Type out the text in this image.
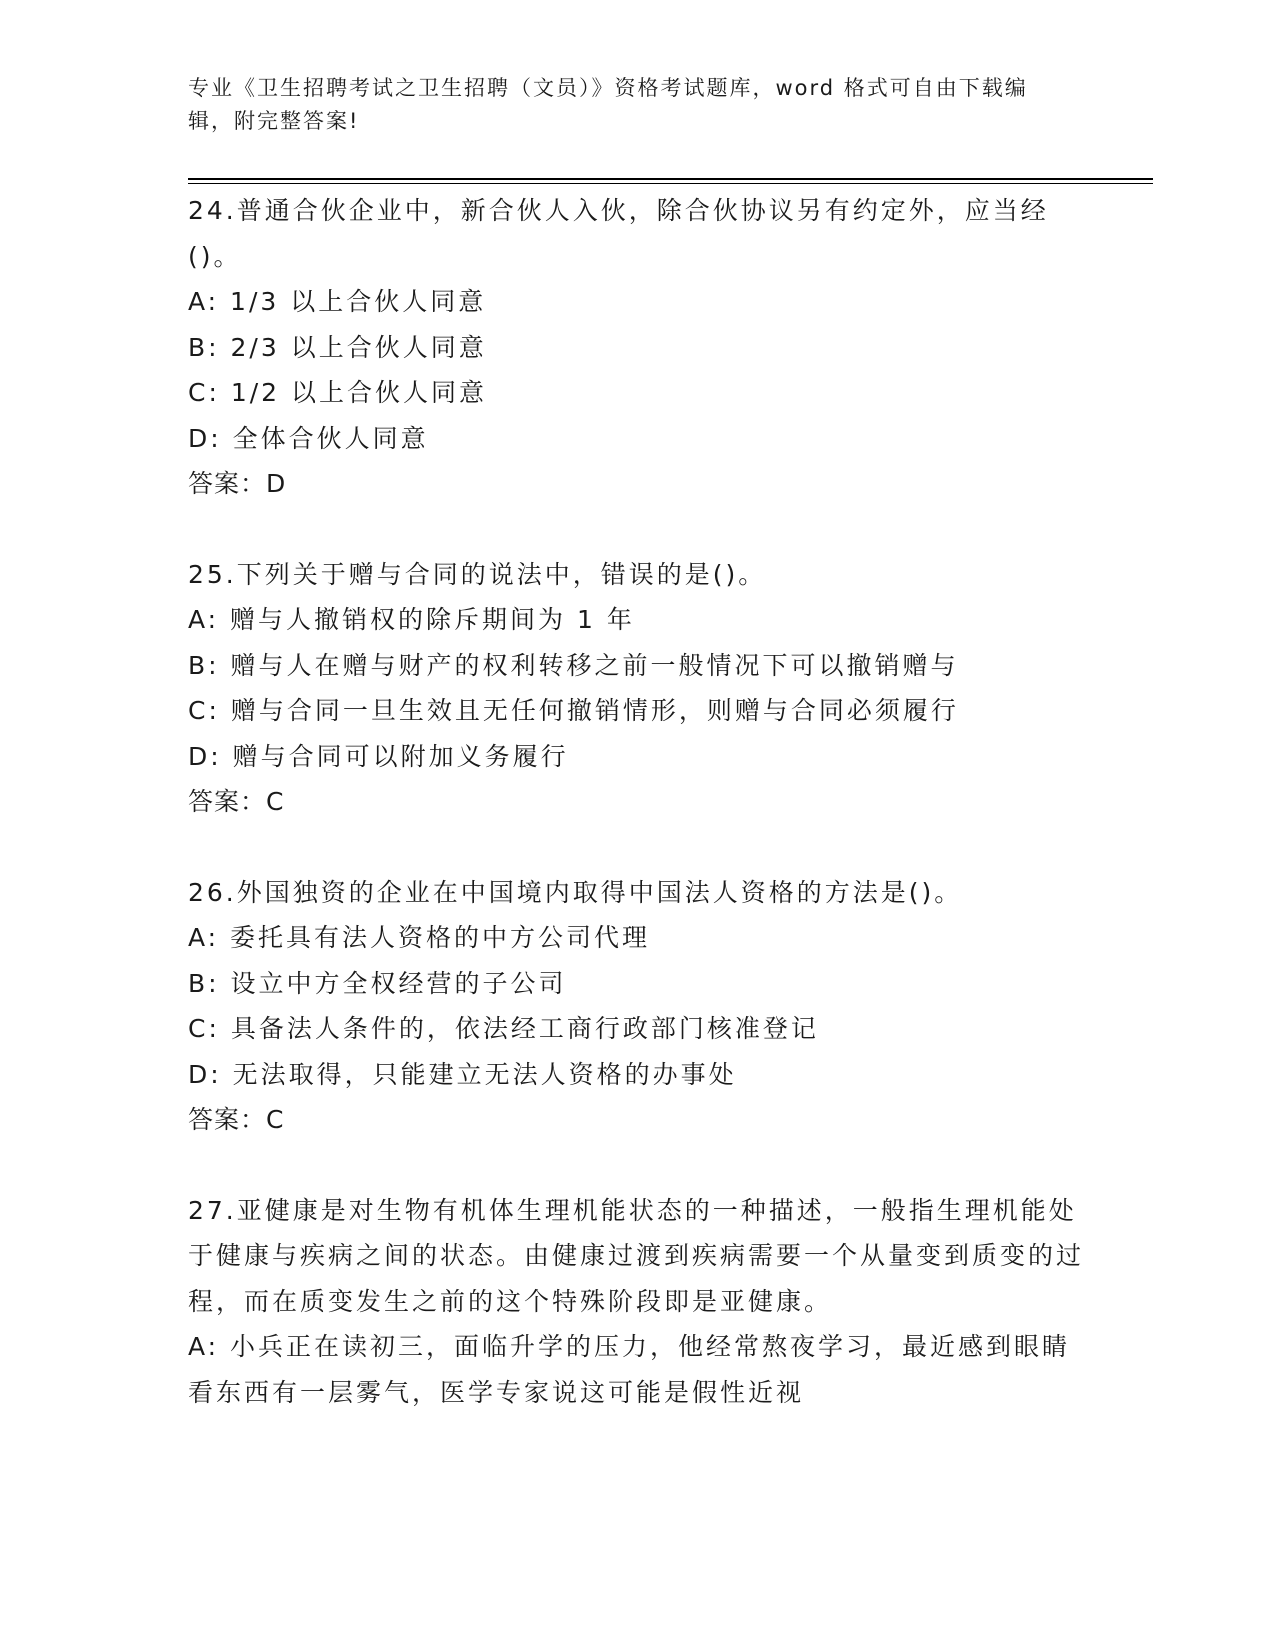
专业《卫生招聘考试之卫生招聘（文员）》资格考试题库，word 格式可自由下载编辑，附完整答案!
24.普通合伙企业中，新合伙人入伙，除合伙协议另有约定外，应当经()。
A: 1/3 以上合伙人同意
B: 2/3 以上合伙人同意
C: 1/2 以上合伙人同意
D: 全体合伙人同意
答案：D
25.下列关于赠与合同的说法中，错误的是()。
A: 赠与人撤销权的除斥期间为 1 年
B: 赠与人在赠与财产的权利转移之前一般情况下可以撤销赠与
C: 赠与合同一旦生效且无任何撤销情形，则赠与合同必须履行
D: 赠与合同可以附加义务履行
答案：C
26.外国独资的企业在中国境内取得中国法人资格的方法是()。
A: 委托具有法人资格的中方公司代理
B: 设立中方全权经营的子公司
C: 具备法人条件的，依法经工商行政部门核准登记
D: 无法取得，只能建立无法人资格的办事处
答案：C
27.亚健康是对生物有机体生理机能状态的一种描述，一般指生理机能处于健康与疾病之间的状态。由健康过渡到疾病需要一个从量变到质变的过程，而在质变发生之前的这个特殊阶段即是亚健康。
A: 小兵正在读初三，面临升学的压力，他经常熬夜学习，最近感到眼睛看东西有一层雾气，医学专家说这可能是假性近视
